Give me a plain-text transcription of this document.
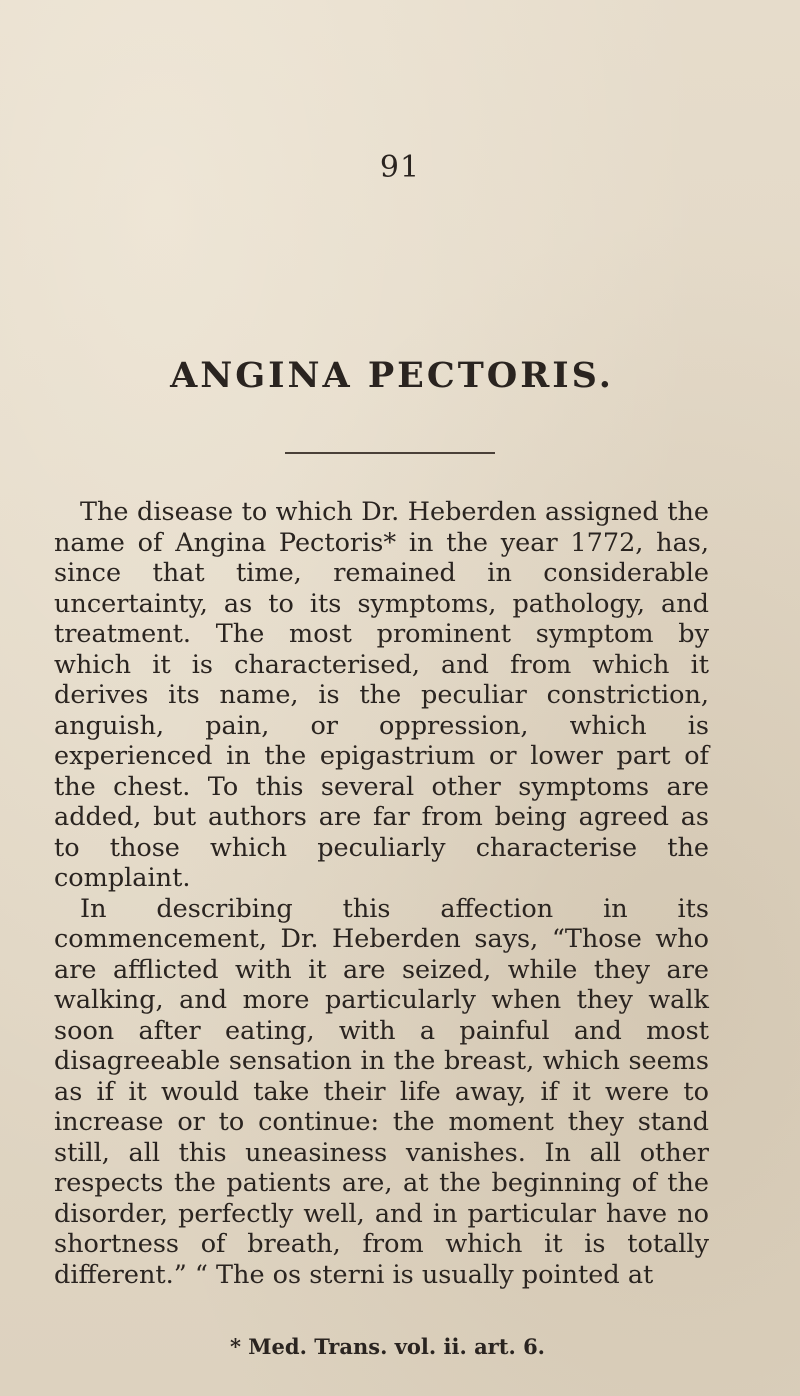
91
ANGINA PECTORIS.

The disease to which Dr. Heberden assigned the name of Angina Pectoris* in the year 1772, has, since that time, remained in considerable uncertainty, as to its symptoms, pathology, and treatment. The most prominent symptom by which it is characterised, and from which it derives its name, is the peculiar constriction, anguish, pain, or oppression, which is experienced in the epigastrium or lower part of the chest. To this several other symptoms are added, but authors are far from being agreed as to those which peculiarly characterise the complaint.

In describing this affection in its commencement, Dr. Heberden says, “Those who are afflicted with it are seized, while they are walking, and more particularly when they walk soon after eating, with a painful and most disagreeable sensation in the breast, which seems as if it would take their life away, if it were to increase or to continue: the moment they stand still, all this uneasiness vanishes. In all other respects the patients are, at the beginning of the disorder, perfectly well, and in particular have no shortness of breath, from which it is totally different.” “ The os sterni is usually pointed at

* Med. Trans. vol. ii. art. 6.
